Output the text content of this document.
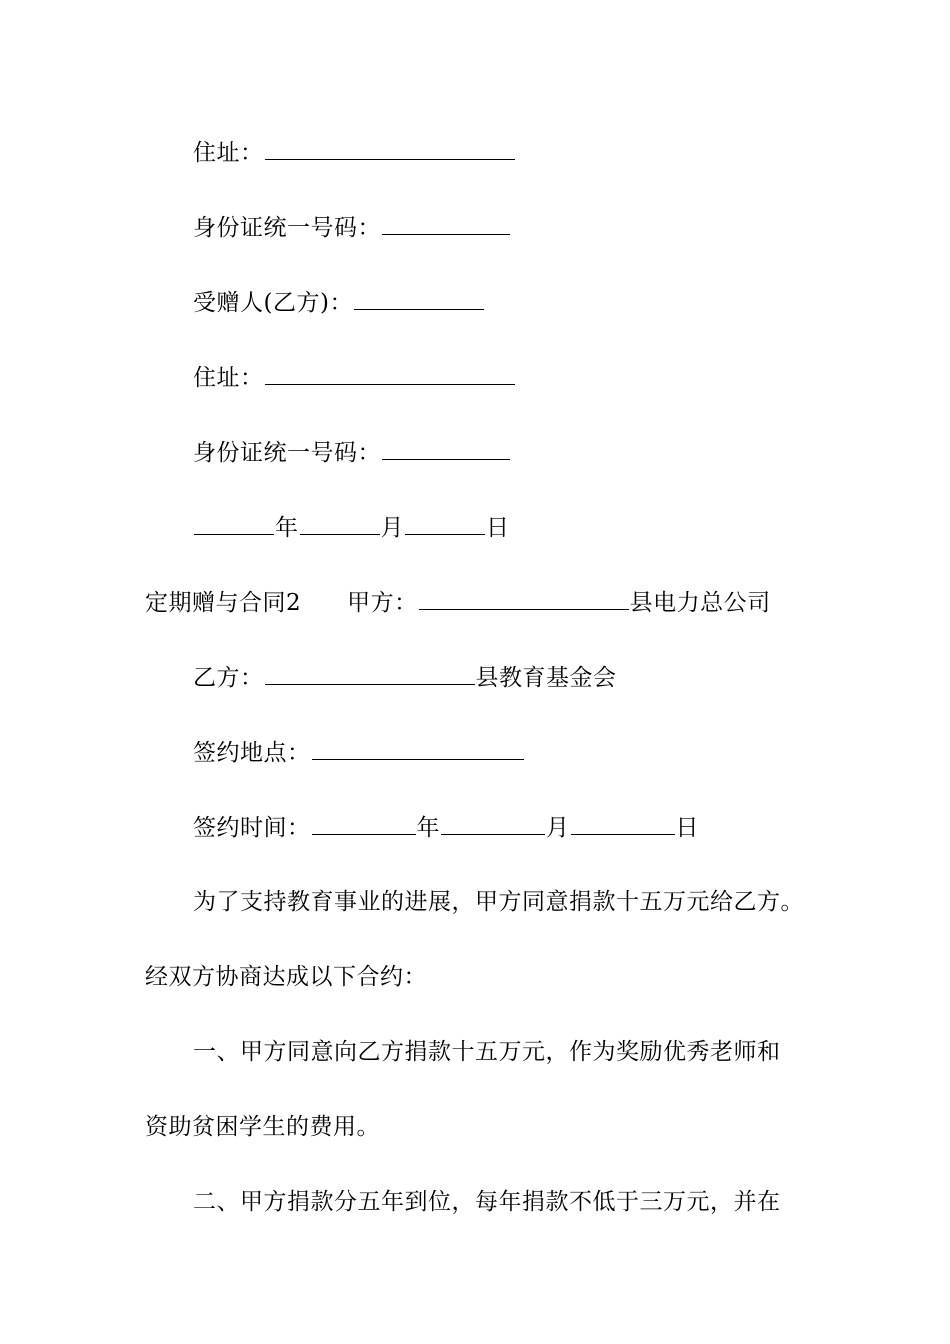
住址：
身份证统一号码：
受赠人(乙方)：
住址：
身份证统一号码：
年	月	日
定期赠与合同2 甲方：	县电力总公司
乙方：	县教育基金会
签约地点：
签约时间：	年	月	日
为了支持教育事业的进展，甲方同意捐款十五万元给乙方。
经双方协商达成以下合约：
一、甲方同意向乙方捐款十五万元，作为奖励优秀老师和
资助贫困学生的费用。
二、甲方捐款分五年到位，每年捐款不低于三万元，并在
